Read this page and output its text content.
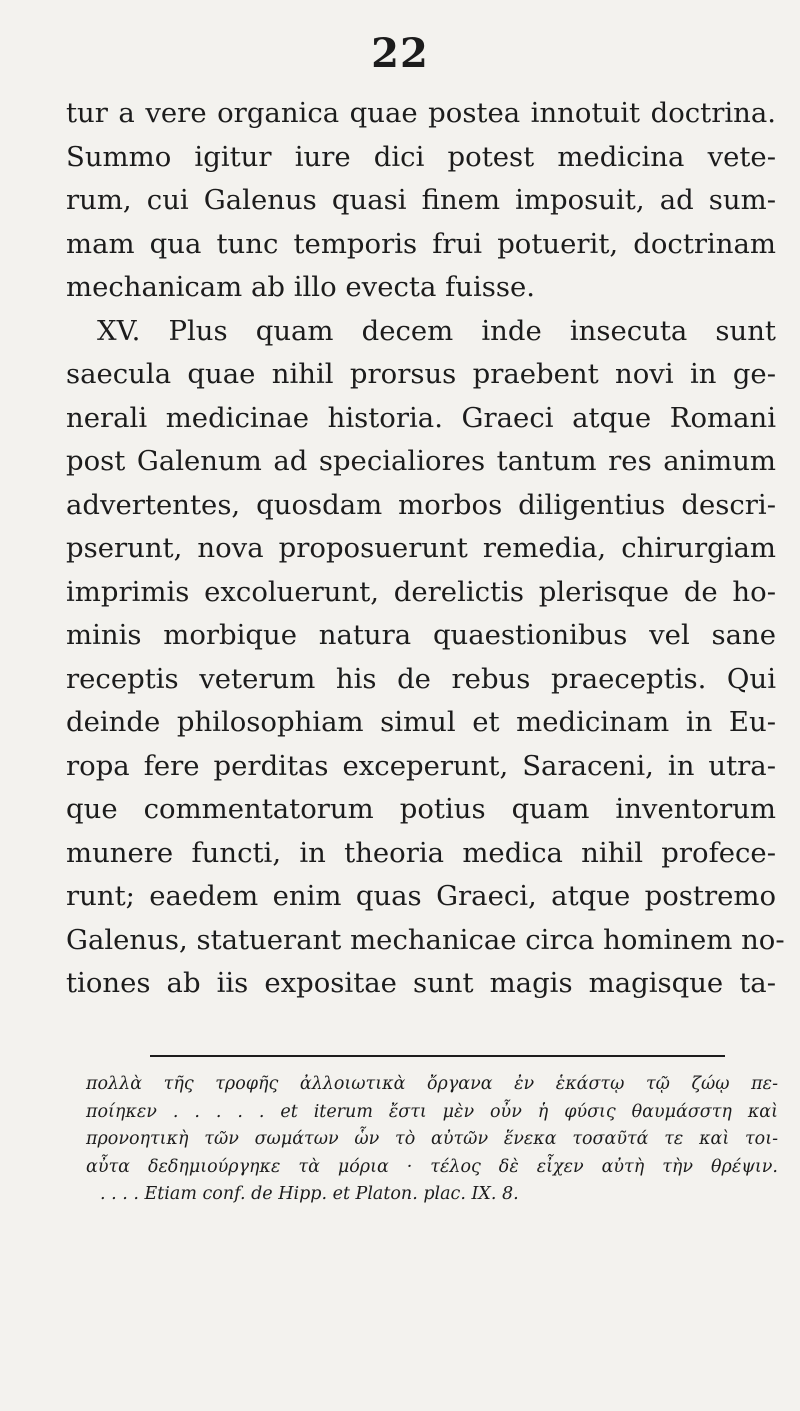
22
tur a vere organica quae postea innotuit doctrina.
Summo igitur iure dici potest medicina vete-
rum, cui Galenus quasi finem imposuit, ad sum-
mam qua tunc temporis frui potuerit, doctrinam
mechanicam ab illo evecta fuisse.
XV. Plus quam decem inde insecuta sunt
saecula quae nihil prorsus praebent novi in ge-
nerali medicinae historia. Graeci atque Romani
post Galenum ad specialiores tantum res animum
advertentes, quosdam morbos diligentius descri-
pserunt, nova proposuerunt remedia, chirurgiam
imprimis excoluerunt, derelictis plerisque de ho-
minis morbique natura quaestionibus vel sane
receptis veterum his de rebus praeceptis. Qui
deinde philosophiam simul et medicinam in Eu-
ropa fere perditas exceperunt, Saraceni, in utra-
que commentatorum potius quam inventorum
munere functi, in theoria medica nihil profece-
runt; eaedem enim quas Graeci, atque postremo
Galenus, statuerant mechanicae circa hominem no-
tiones ab iis expositae sunt magis magisque ta-
πολλὰ τῆς τροφῆς ἀλλοιωτικὰ ὄργανα ἐν ἑκάστῳ τῷ ζώῳ πε-
ποίηκεν . . . . . et iterum ἔστι μὲν οὖν ἡ φύσις θαυμάσστη καὶ
προνοητικὴ τῶν σωμάτων ὧν τὸ αὐτῶν ἕνεκα τοσαῦτά τε καὶ τοι-
αὖτα δεδημιούργηκε τὰ μόρια · τέλος δὲ εἶχεν αὐτὴ τὴν θρέψιν.
. . . . Etiam conf. de Hipp. et Platon. plac. IX. 8.
